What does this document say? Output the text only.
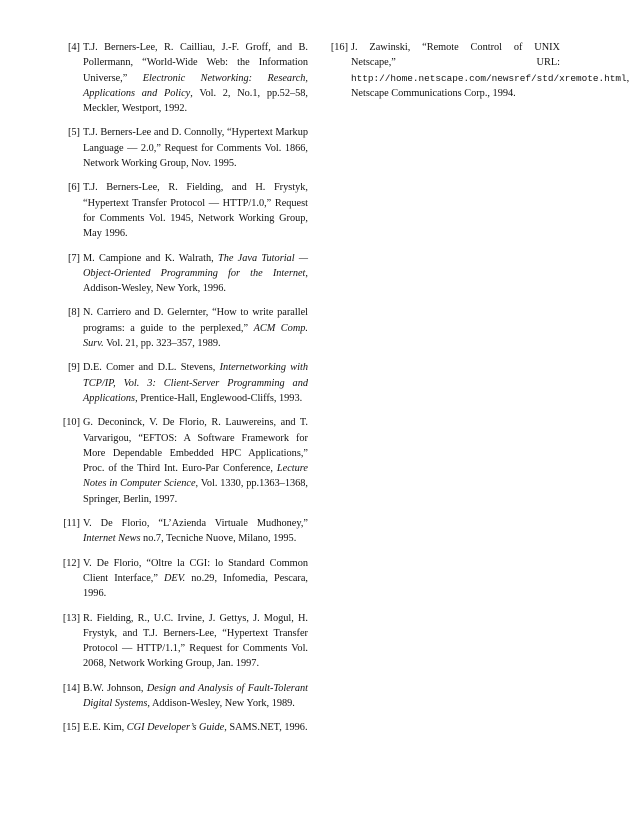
[4] T.J. Berners-Lee, R. Cailliau, J.-F. Groff, and B. Pollermann, “World-Wide Web: the Information Universe,” Electronic Networking: Research, Applications and Policy, Vol. 2, No.1, pp.52–58, Meckler, Westport, 1992.
[5] T.J. Berners-Lee and D. Connolly, “Hypertext Markup Language — 2.0,” Request for Comments Vol. 1866, Network Working Group, Nov. 1995.
[6] T.J. Berners-Lee, R. Fielding, and H. Frystyk, “Hypertext Transfer Protocol — HTTP/1.0,” Request for Comments Vol. 1945, Network Working Group, May 1996.
[7] M. Campione and K. Walrath, The Java Tutorial — Object-Oriented Programming for the Internet, Addison-Wesley, New York, 1996.
[8] N. Carriero and D. Gelernter, “How to write parallel programs: a guide to the perplexed,” ACM Comp. Surv. Vol. 21, pp. 323–357, 1989.
[9] D.E. Comer and D.L. Stevens, Internetworking with TCP/IP, Vol. 3: Client-Server Programming and Applications, Prentice-Hall, Englewood-Cliffs, 1993.
[10] G. Deconinck, V. De Florio, R. Lauwereins, and T. Varvarigou, “EFTOS: A Software Framework for More Dependable Embedded HPC Applications,” Proc. of the Third Int. Euro-Par Conference, Lecture Notes in Computer Science, Vol. 1330, pp.1363–1368, Springer, Berlin, 1997.
[11] V. De Florio, “L’Azienda Virtuale Mudhoney,” Internet News no.7, Tecniche Nuove, Milano, 1995.
[12] V. De Florio, “Oltre la CGI: lo Standard Common Client Interface,” DEV. no.29, Infomedia, Pescara, 1996.
[13] R. Fielding, R., U.C. Irvine, J. Gettys, J. Mogul, H. Frystyk, and T.J. Berners-Lee, “Hypertext Transfer Protocol — HTTP/1.1,” Request for Comments Vol. 2068, Network Working Group, Jan. 1997.
[14] B.W. Johnson, Design and Analysis of Fault-Tolerant Digital Systems, Addison-Wesley, New York, 1989.
[15] E.E. Kim, CGI Developer’s Guide, SAMS.NET, 1996.
[16] J. Zawinski, “Remote Control of UNIX Netscape,” URL: http://home.netscape.com/newsref/std/xremote.html, Netscape Communications Corp., 1994.
